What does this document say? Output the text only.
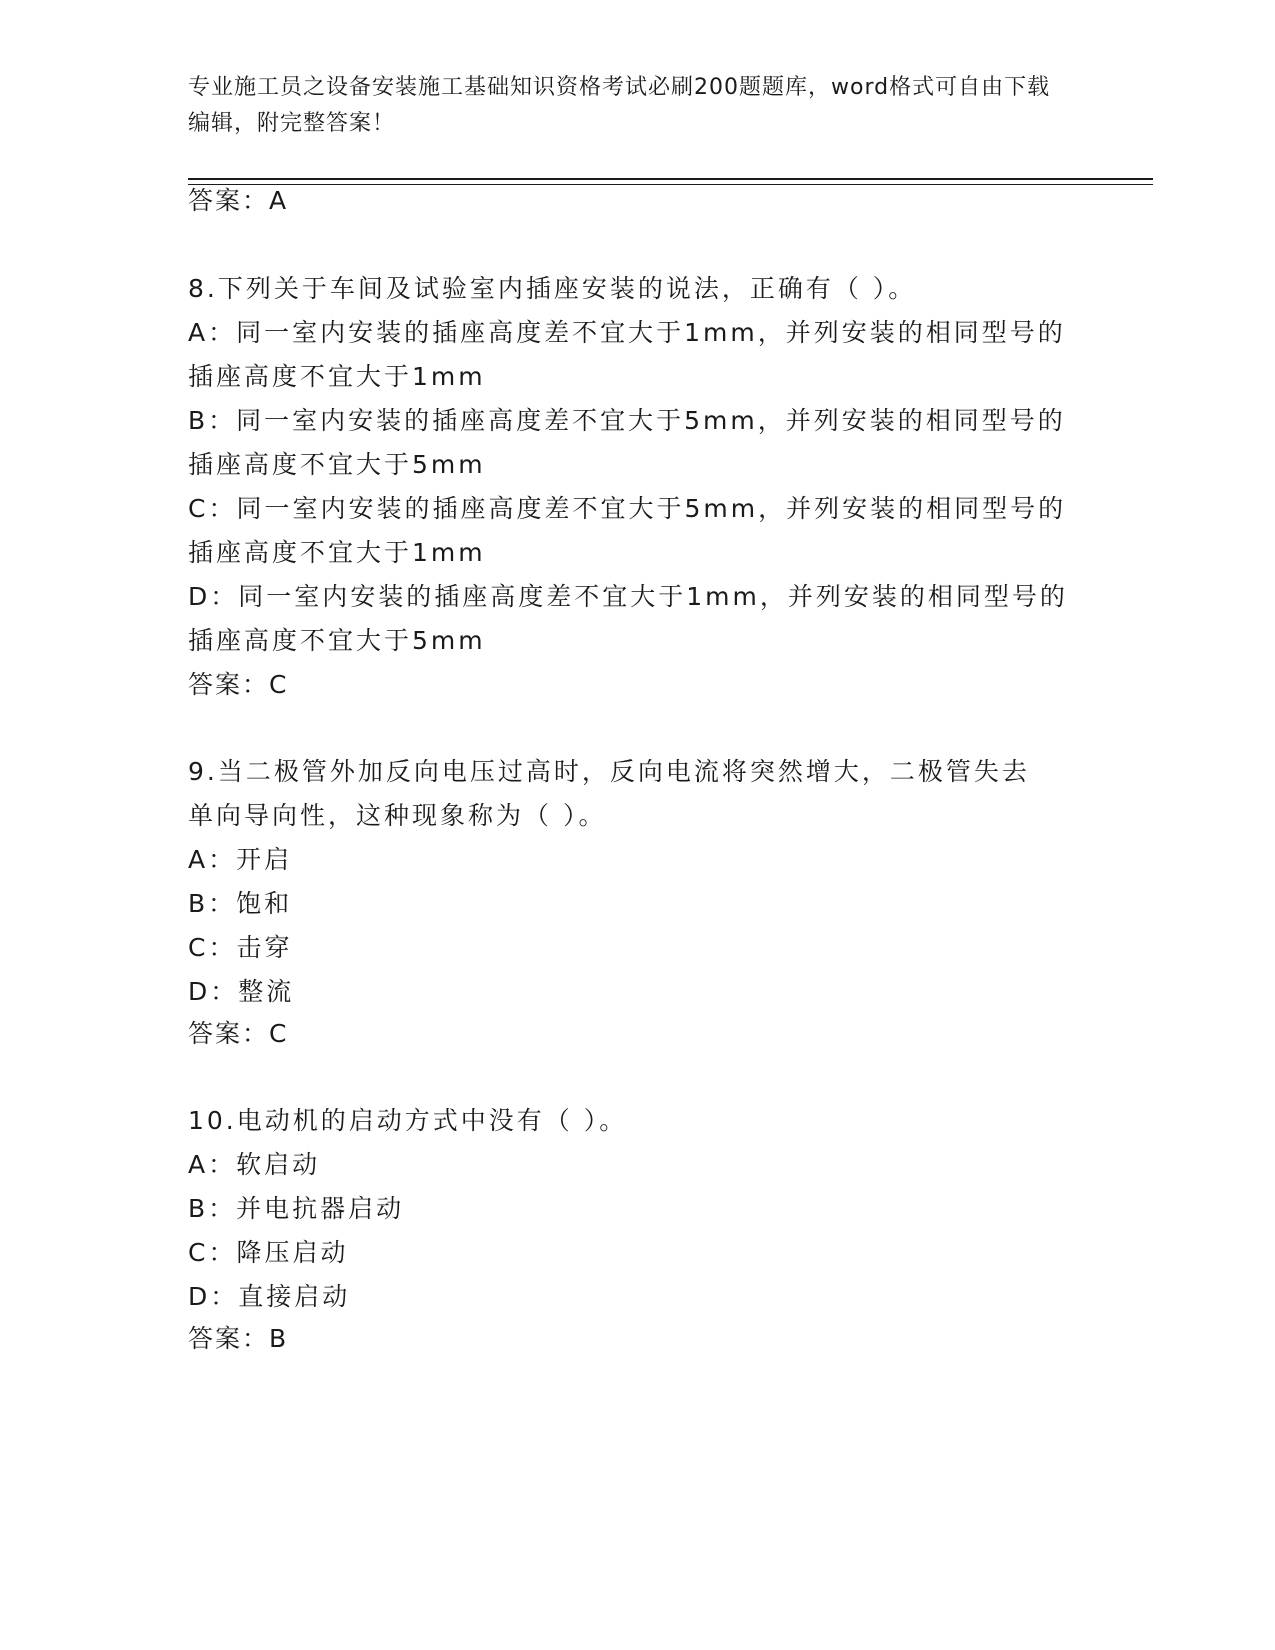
专业施工员之设备安装施工基础知识资格考试必刷200题题库，word格式可自由下载编辑，附完整答案！
答案：A
8.下列关于车间及试验室内插座安装的说法，正确有（ ）。
A：同一室内安装的插座高度差不宜大于1mm，并列安装的相同型号的
插座高度不宜大于1mm
B：同一室内安装的插座高度差不宜大于5mm，并列安装的相同型号的
插座高度不宜大于5mm
C：同一室内安装的插座高度差不宜大于5mm，并列安装的相同型号的
插座高度不宜大于1mm
D：同一室内安装的插座高度差不宜大于1mm，并列安装的相同型号的
插座高度不宜大于5mm
答案：C
9.当二极管外加反向电压过高时，反向电流将突然增大，二极管失去
单向导向性，这种现象称为（ ）。
A：开启
B：饱和
C：击穿
D：整流
答案：C
10.电动机的启动方式中没有（ ）。
A：软启动
B：并电抗器启动
C：降压启动
D：直接启动
答案：B
